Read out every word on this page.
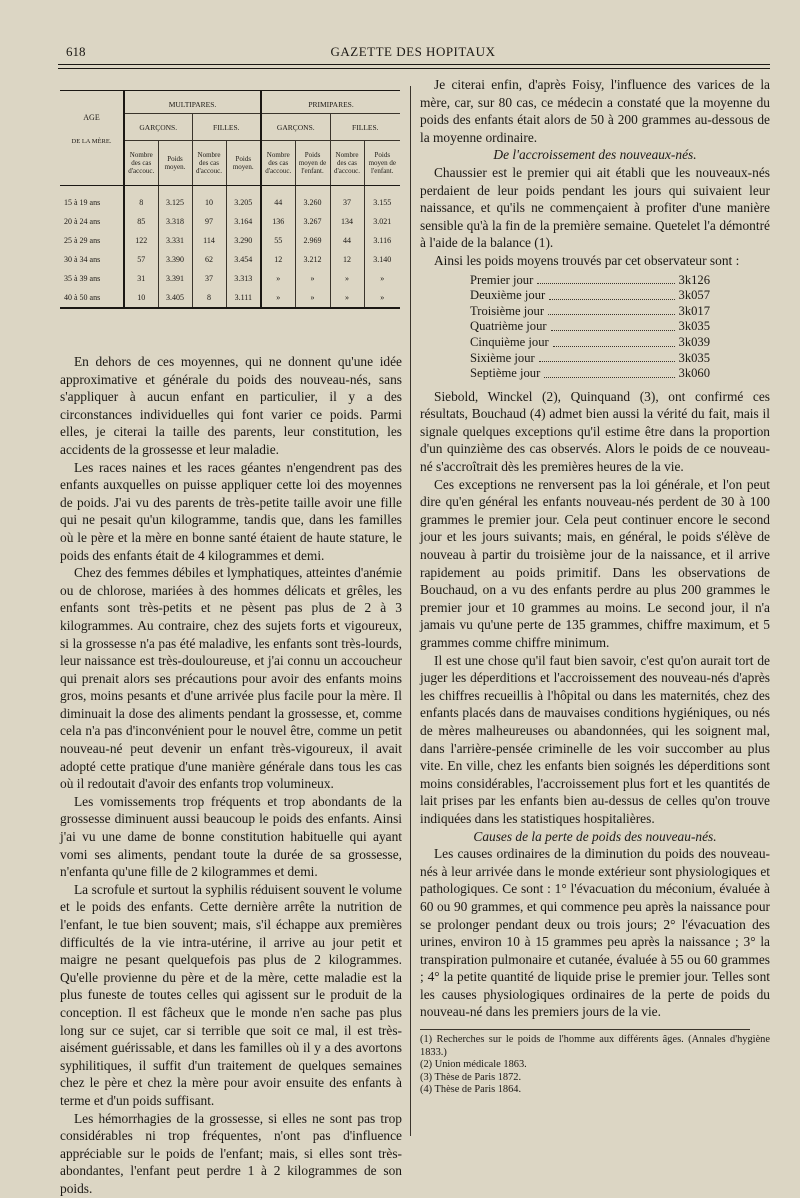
618	GAZETTE DES HOPITAUX
	MULTIPARES.				PRIMIPARES.			
	GARÇONS.		FILLES.		GARÇONS.		FILLES.	

AGE
DE LA MÈRE.	Nombre des cas d'accouc.	Poids moyen.	Nombre des cas d'accouc.	Poids moyen.	Nombre des cas d'accouc.	Poids moyen de l'enfant.	Nombre des cas d'accouc.	Poids moyen de l'enfant.

15 à 19 ans	8	3.125	10	3.205	44	3.260	37	3.155
20 à 24 ans	85	3.318	97	3.164	136	3.267	134	3.021
25 à 29 ans	122	3.331	114	3.290	55	2.969	44	3.116
30 à 34 ans	57	3.390	62	3.454	12	3.212	12	3.140
35 à 39 ans	31	3.391	37	3.313	»	»	»	»
40 à 50 ans	10	3.405	8	3.111	»	»	»	»

En dehors de ces moyennes, qui ne donnent qu'une idée approximative et générale du poids des nouveau-nés, sans s'appliquer à aucun enfant en particulier, il y a des circonstances individuelles qui font varier ce poids. Parmi elles, je citerai la taille des parents, leur constitution, les accidents de la grossesse et leur maladie.

Les races naines et les races géantes n'engendrent pas des enfants auxquelles on puisse appliquer cette loi des moyennes de poids. J'ai vu des parents de très-petite taille avoir une fille qui ne pesait qu'un kilogramme, tandis que, dans les familles où le père et la mère en bonne santé étaient de haute stature, le poids des enfants était de 4 kilogrammes et demi.

Chez des femmes débiles et lymphatiques, atteintes d'anémie ou de chlorose, mariées à des hommes délicats et grêles, les enfants sont très-petits et ne pèsent pas plus de 2 à 3 kilogrammes. Au contraire, chez des sujets forts et vigoureux, si la grossesse n'a pas été maladive, les enfants sont très-lourds, leur naissance est très-douloureuse, et j'ai connu un accoucheur qui prenait alors ses précautions pour avoir des enfants moins gros, moins pesants et d'une arrivée plus facile pour la mère. Il diminuait la dose des aliments pendant la grossesse, et, comme cela n'a pas d'inconvénient pour le nouvel être, comme un petit nouveau-né peut devenir un enfant très-vigoureux, il avait adopté cette pratique d'une manière générale dans tous les cas où il redoutait d'avoir des enfants trop volumineux.

Les vomissements trop fréquents et trop abondants de la grossesse diminuent aussi beaucoup le poids des enfants. Ainsi j'ai vu une dame de bonne constitution habituelle qui ayant vomi ses aliments, pendant toute la durée de sa grossesse, n'enfanta qu'une fille de 2 kilogrammes et demi.

La scrofule et surtout la syphilis réduisent souvent le volume et le poids des enfants. Cette dernière arrête la nutrition de l'enfant, le tue bien souvent; mais, s'il échappe aux premières difficultés de la vie intra-utérine, il arrive au jour petit et maigre ne pesant quelquefois pas plus de 2 kilogrammes. Qu'elle provienne du père et de la mère, cette maladie est la plus funeste de toutes celles qui agissent sur le produit de la conception. Il est fâcheux que le monde n'en sache pas plus long sur ce sujet, car si terrible que soit ce mal, il est très-aisément guérissable, et dans les familles où il y a des avortons syphilitiques, il suffit d'un traitement de quelques semaines chez le père et chez la mère pour avoir ensuite des enfants à terme et d'un poids suffisant.

Les hémorrhagies de la grossesse, si elles ne sont pas trop considérables ni trop fréquentes, n'ont pas d'influence appréciable sur le poids de l'enfant; mais, si elles sont très-abondantes, l'enfant peut perdre 1 à 2 kilogrammes de son poids.

Je citerai enfin, d'après Foisy, l'influence des varices de la mère, car, sur 80 cas, ce médecin a constaté que la moyenne du poids des enfants était alors de 50 à 200 grammes au-dessous de la moyenne ordinaire.

De l'accroissement des nouveaux-nés.

Chaussier est le premier qui ait établi que les nouveaux-nés perdaient de leur poids pendant les jours qui suivaient leur naissance, et qu'ils ne commençaient à profiter d'une manière sensible qu'à la fin de la première semaine. Quetelet l'a démontré à l'aide de la balance (1).

Ainsi les poids moyens trouvés par cet observateur sont :

Premier jour	3k126
Deuxième jour	3k057
Troisième jour	3k017
Quatrième jour	3k035
Cinquième jour	3k039
Sixième jour	3k035
Septième jour	3k060

Siebold, Winckel (2), Quinquand (3), ont confirmé ces résultats, Bouchaud (4) admet bien aussi la vérité du fait, mais il signale quelques exceptions qu'il estime être dans la proportion d'un quinzième des cas observés. Alors le poids de ce nouveau-né s'accroîtrait dès les premières heures de la vie.

Ces exceptions ne renversent pas la loi générale, et l'on peut dire qu'en général les enfants nouveau-nés perdent de 30 à 100 grammes le premier jour. Cela peut continuer encore le second jour et les jours suivants; mais, en général, le poids s'élève de nouveau à partir du troisième jour de la naissance, et il arrive rapidement au poids primitif. Dans les observations de Bouchaud, on a vu des enfants perdre au plus 200 grammes le premier jour et 10 grammes au moins. Le second jour, il n'a jamais vu qu'une perte de 135 grammes, chiffre maximum, et 5 grammes comme chiffre minimum.

Il est une chose qu'il faut bien savoir, c'est qu'on aurait tort de juger les déperditions et l'accroissement des nouveau-nés d'après les chiffres recueillis à l'hôpital ou dans les maternités, chez des enfants placés dans de mauvaises conditions hygiéniques, ou nés de mères malheureuses ou abandonnées, qui les soignent mal, dans l'arrière-pensée criminelle de les voir succomber au plus vite. En ville, chez les enfants bien soignés les déperditions sont moins considérables, l'accroissement plus fort et les quantités de lait prises par les enfants bien au-dessus de celles qu'on trouve indiquées dans les statistiques hospitalières.

Causes de la perte de poids des nouveau-nés.

Les causes ordinaires de la diminution du poids des nouveau-nés à leur arrivée dans le monde extérieur sont physiologiques et pathologiques. Ce sont : 1° l'évacuation du méconium, évaluée à 60 ou 90 grammes, et qui commence peu après la naissance pour se prolonger pendant deux ou trois jours; 2° l'évacuation des urines, environ 10 à 15 grammes peu après la naissance ; 3° la transpiration pulmonaire et cutanée, évaluée à 55 ou 60 grammes ; 4° la petite quantité de liquide prise le premier jour. Telles sont les causes physiologiques ordinaires de la perte de poids du nouveau-né dans les premiers jours de la vie.

(1) Recherches sur le poids de l'homme aux différents âges. (Annales d'hygiène 1833.)

(2) Union médicale 1863.

(3) Thèse de Paris 1872.

(4) Thèse de Paris 1864.
